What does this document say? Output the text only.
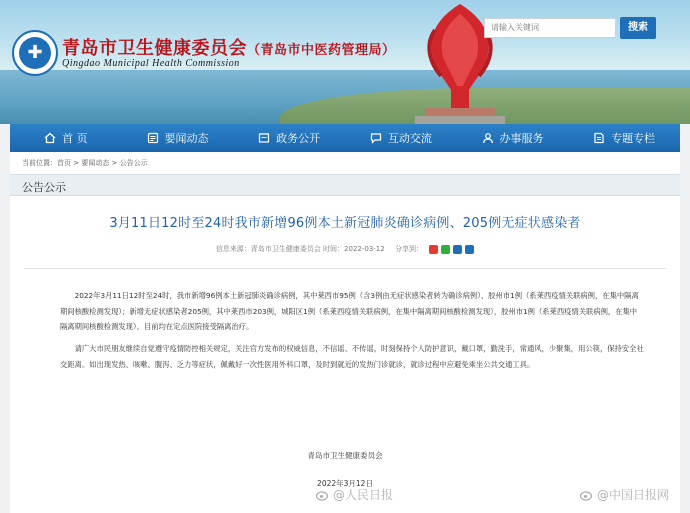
✚	青岛市卫生健康委员会（青岛市中医药管理局）
Qingdao Municipal Health Commission
请输入关键词
搜索
首 页	要闻动态	政务公开	互动交流	办事服务	专题专栏
当前位置：首页 > 要闻动态 > 公告公示
公告公示
3月11日12时至24时我市新增96例本土新冠肺炎确诊病例、205例无症状感染者
信息来源：青岛市卫生健康委员会 时间：2022-03-12 分享到：
2022年3月11日12时至24时，我市新增96例本土新冠肺炎确诊病例，其中莱西市95例（含3例由无症状感染者转为确诊病例）、胶州市1例（系莱西疫情关联病例，在集中隔离期间核酸检测发现）；新增无症状感染者205例，其中莱西市203例，城阳区1例（系莱西疫情关联病例，在集中隔离期间核酸检测发现），胶州市1例（系莱西疫情关联病例，在集中隔离期间核酸检测发现）。目前均在定点医院接受隔离治疗。
请广大市民朋友继续自觉遵守疫情防控相关规定，关注官方发布的权威信息，不信谣、不传谣，时刻保持个人防护意识，戴口罩，勤洗手，常通风，少聚集，用公筷，保持安全社交距离。如出现发热、咳嗽、腹泻、乏力等症状，佩戴好一次性医用外科口罩，及时到就近的发热门诊就诊，就诊过程中应避免乘坐公共交通工具。
青岛市卫生健康委员会
2022年3月12日
@人民日报	@中国日报网
